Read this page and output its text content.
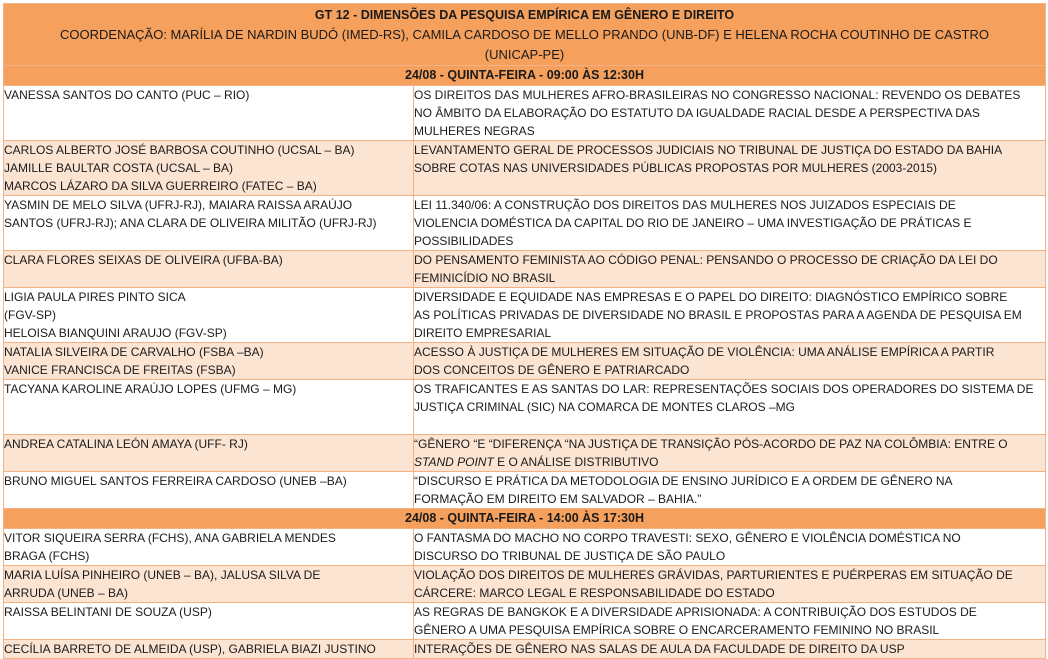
GT 12 - DIMENSÕES DA PESQUISA EMPÍRICA EM GÊNERO E DIREITO
COORDENAÇÃO: MARÍLIA DE NARDIN BUDÓ (IMED-RS), CAMILA CARDOSO DE MELLO PRANDO (UNB-DF) E HELENA ROCHA COUTINHO DE CASTRO
(UNICAP-PE)	

24/08 - QUINTA-FEIRA - 09:00 ÀS 12:30H	

VANESSA SANTOS DO CANTO (PUC – RIO)	OS DIREITOS DAS MULHERES AFRO-BRASILEIRAS NO CONGRESSO NACIONAL: REVENDO OS DEBATES
NO ÂMBITO DA ELABORAÇÃO DO ESTATUTO DA IGUALDADE RACIAL DESDE A PERSPECTIVA DAS
MULHERES NEGRAS

CARLOS ALBERTO JOSÉ BARBOSA COUTINHO (UCSAL – BA)
JAMILLE BAULTAR COSTA (UCSAL – BA)
MARCOS LÁZARO DA SILVA GUERREIRO (FATEC – BA)	LEVANTAMENTO GERAL DE PROCESSOS JUDICIAIS NO TRIBUNAL DE JUSTIÇA DO ESTADO DA BAHIA
SOBRE COTAS NAS UNIVERSIDADES PÚBLICAS PROPOSTAS POR MULHERES (2003-2015)

YASMIN DE MELO SILVA (UFRJ-RJ), MAIARA RAISSA ARAÚJO
SANTOS (UFRJ-RJ); ANA CLARA DE OLIVEIRA MILITÃO (UFRJ-RJ)	LEI 11.340/06: A CONSTRUÇÃO DOS DIREITOS DAS MULHERES NOS JUIZADOS ESPECIAIS DE
VIOLENCIA DOMÉSTICA DA CAPITAL DO RIO DE JANEIRO – UMA INVESTIGAÇÃO DE PRÁTICAS E
POSSIBILIDADES

CLARA FLORES SEIXAS DE OLIVEIRA (UFBA-BA)	DO PENSAMENTO FEMINISTA AO CÓDIGO PENAL: PENSANDO O PROCESSO DE CRIAÇÃO DA LEI DO
FEMINICÍDIO NO BRASIL

LIGIA PAULA PIRES PINTO SICA
(FGV-SP)
HELOISA BIANQUINI ARAUJO (FGV-SP)	DIVERSIDADE E EQUIDADE NAS EMPRESAS E O PAPEL DO DIREITO: DIAGNÓSTICO EMPÍRICO SOBRE
AS POLÍTICAS PRIVADAS DE DIVERSIDADE NO BRASIL E PROPOSTAS PARA A AGENDA DE PESQUISA EM
DIREITO EMPRESARIAL

NATALIA SILVEIRA DE CARVALHO (FSBA –BA)
VANICE FRANCISCA DE FREITAS (FSBA)	ACESSO À JUSTIÇA DE MULHERES EM SITUAÇÃO DE VIOLÊNCIA: UMA ANÁLISE EMPÍRICA A PARTIR
DOS CONCEITOS DE GÊNERO E PATRIARCADO

TACYANA KAROLINE ARAÚJO LOPES (UFMG – MG)	OS TRAFICANTES E AS SANTAS DO LAR: REPRESENTAÇÕES SOCIAIS DOS OPERADORES DO SISTEMA DE
JUSTIÇA CRIMINAL (SIC) NA COMARCA DE MONTES CLAROS –MG

ANDREA CATALINA LEÓN AMAYA (UFF- RJ)	“GÊNERO “E “DIFERENÇA “NA JUSTIÇA DE TRANSIÇÃO PÓS-ACORDO DE PAZ NA COLÔMBIA: ENTRE O
STAND POINT E O ANÁLISE DISTRIBUTIVO

BRUNO MIGUEL SANTOS FERREIRA CARDOSO (UNEB –BA)	“DISCURSO E PRÁTICA DA METODOLOGIA DE ENSINO JURÍDICO E A ORDEM DE GÊNERO NA
FORMAÇÃO EM DIREITO EM SALVADOR – BAHIA.”

24/08 - QUINTA-FEIRA - 14:00 ÀS 17:30H	

VITOR SIQUEIRA SERRA (FCHS), ANA GABRIELA MENDES
BRAGA (FCHS)	O FANTASMA DO MACHO NO CORPO TRAVESTI: SEXO, GÊNERO E VIOLÊNCIA DOMÉSTICA NO
DISCURSO DO TRIBUNAL DE JUSTIÇA DE SÃO PAULO

MARIA LUÍSA PINHEIRO (UNEB – BA), JALUSA SILVA DE
ARRUDA (UNEB – BA)	VIOLAÇÃO DOS DIREITOS DE MULHERES GRÁVIDAS, PARTURIENTES E PUÉRPERAS EM SITUAÇÃO DE
CÁRCERE: MARCO LEGAL E RESPONSABILIDADE DO ESTADO

RAISSA BELINTANI DE SOUZA (USP)	AS REGRAS DE BANGKOK E A DIVERSIDADE APRISIONADA: A CONTRIBUIÇÃO DOS ESTUDOS DE
GÊNERO A UMA PESQUISA EMPÍRICA SOBRE O ENCARCERAMENTO FEMININO NO BRASIL

CECÍLIA BARRETO DE ALMEIDA (USP), GABRIELA BIAZI JUSTINO	INTERAÇÕES DE GÊNERO NAS SALAS DE AULA DA FACULDADE DE DIREITO DA USP
